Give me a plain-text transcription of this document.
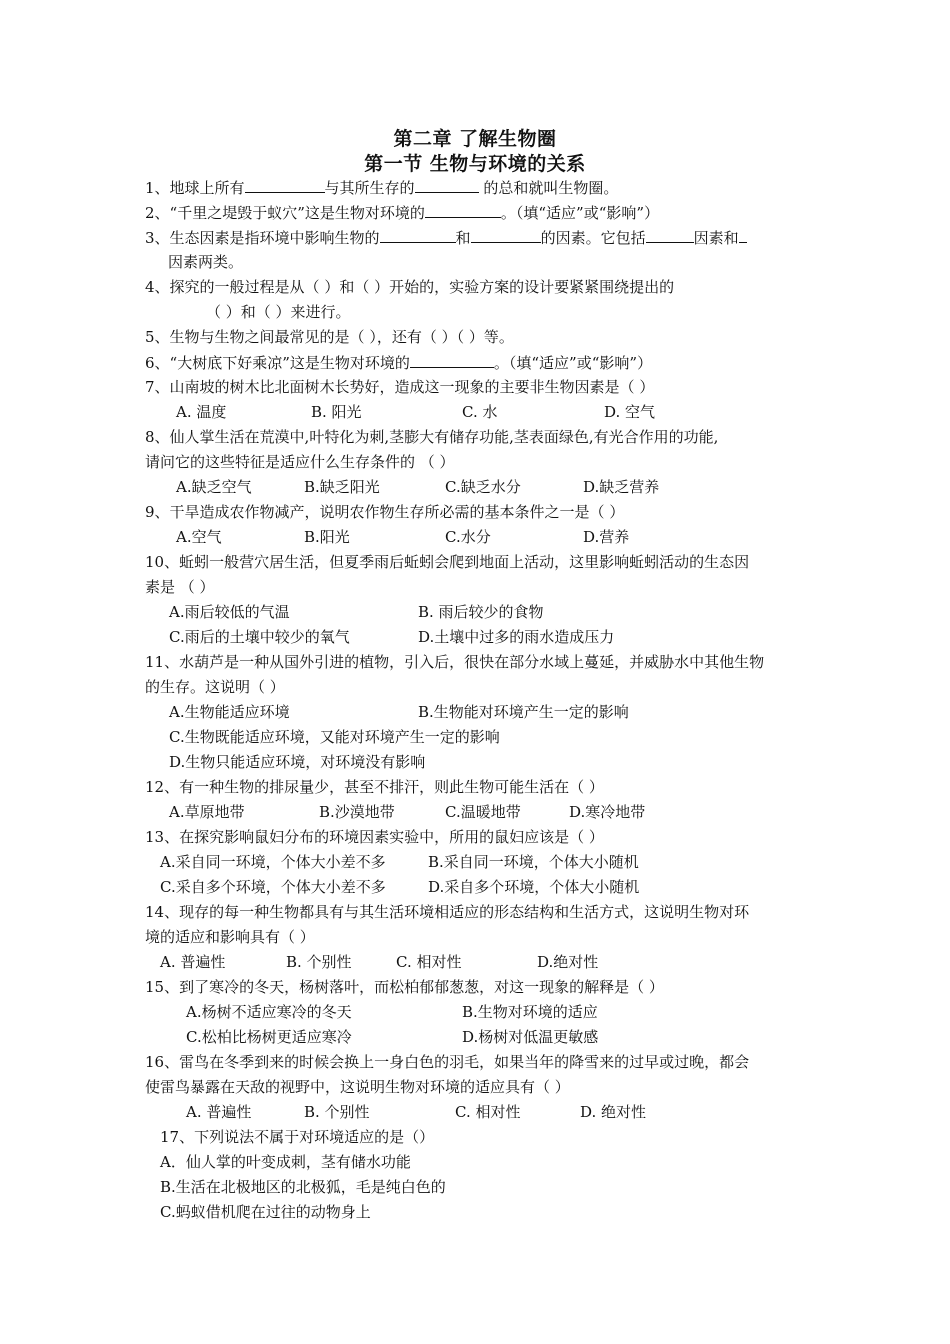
第二章 了解生物圈
第一节 生物与环境的关系
1、地球上所有	与其所生存的	的总和就叫生物圈。
2、“千里之堤毁于蚁穴”这是生物对环境的	。（填“适应”或“影响”）
3、生态因素是指环境中影响生物的	和	的因素。它包括	因素和
因素两类。
4、探究的一般过程是从（ ）和（ ）开始的，实验方案的设计要紧紧围绕提出的
（ ）和（ ）来进行。
5、生物与生物之间最常见的是（ ），还有（ ）（ ）等。
6、“大树底下好乘凉”这是生物对环境的	。（填“适应”或“影响”）
7、山南坡的树木比北面树木长势好，造成这一现象的主要非生物因素是（ ）
A. 温度	B. 阳光	C. 水	D. 空气
8、仙人掌生活在荒漠中,叶特化为刺,茎膨大有储存功能,茎表面绿色,有光合作用的功能,
请问它的这些特征是适应什么生存条件的 （ ）
A.缺乏空气	B.缺乏阳光	C.缺乏水分	D.缺乏营养
9、干旱造成农作物减产，说明农作物生存所必需的基本条件之一是（ ）
A.空气	B.阳光	C.水分	D.营养
10、蚯蚓一般营穴居生活，但夏季雨后蚯蚓会爬到地面上活动，这里影响蚯蚓活动的生态因
素是 （ ）
A.雨后较低的气温	B. 雨后较少的食物
C.雨后的土壤中较少的氧气	D.土壤中过多的雨水造成压力
11、水葫芦是一种从国外引进的植物，引入后，很快在部分水域上蔓延，并威胁水中其他生物
的生存。这说明（ ）
A.生物能适应环境	B.生物能对环境产生一定的影响
C.生物既能适应环境，又能对环境产生一定的影响
D.生物只能适应环境，对环境没有影响
12、有一种生物的排尿量少，甚至不排汗，则此生物可能生活在（ ）
A.草原地带	B.沙漠地带	C.温暖地带	D.寒冷地带
13、在探究影响鼠妇分布的环境因素实验中，所用的鼠妇应该是（ ）
A.采自同一环境，个体大小差不多	B.采自同一环境，个体大小随机
C.采自多个环境，个体大小差不多	D.采自多个环境，个体大小随机
14、现存的每一种生物都具有与其生活环境相适应的形态结构和生活方式，这说明生物对环
境的适应和影响具有（ ）
A. 普遍性	B. 个别性	C. 相对性	D.绝对性
15、到了寒冷的冬天，杨树落叶，而松柏郁郁葱葱，对这一现象的解释是（ ）
A.杨树不适应寒冷的冬天	B.生物对环境的适应
C.松柏比杨树更适应寒冷	D.杨树对低温更敏感
16、雷鸟在冬季到来的时候会换上一身白色的羽毛，如果当年的降雪来的过早或过晚，都会
使雷鸟暴露在天敌的视野中，这说明生物对环境的适应具有（ ）
A. 普遍性	B. 个别性	C. 相对性	D. 绝对性
17、下列说法不属于对环境适应的是（）
A．仙人掌的叶变成刺，茎有储水功能
B.生活在北极地区的北极狐，毛是纯白色的
C.蚂蚁借机爬在过往的动物身上
